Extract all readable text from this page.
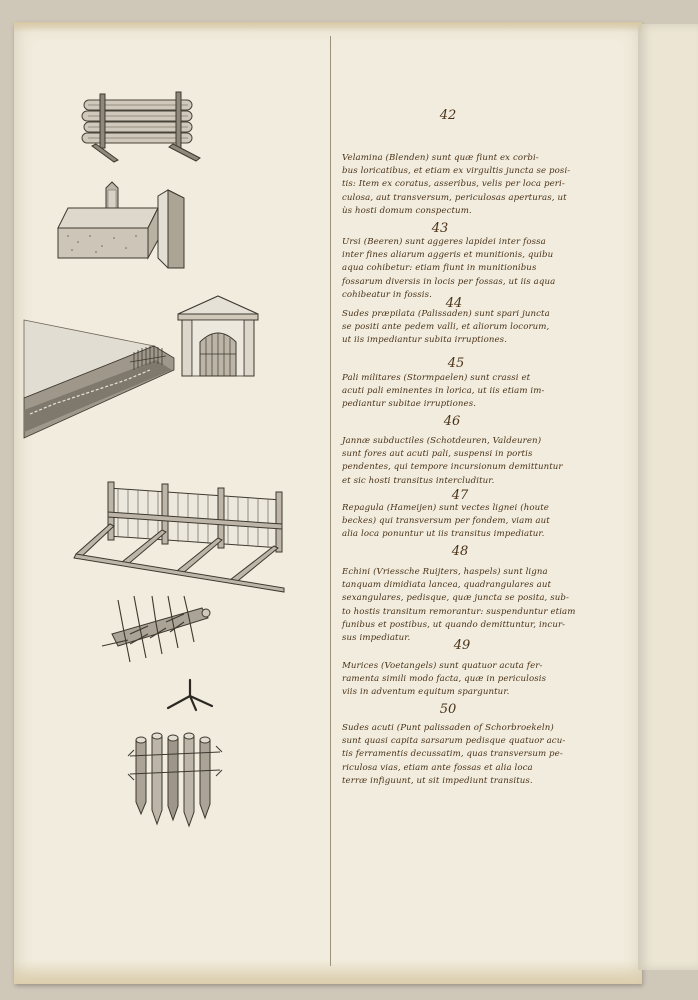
42

Velamina (Blenden) sunt quæ fiunt ex corbi-
bus loricatibus, et etiam ex virgultis juncta se posi-
tis: Item ex coratus, asseribus, velis per loca peri-
culosa, aut transversum, periculosas aperturas, ut
ùs hosti domum conspectum.

43

Ursi (Beeren) sunt aggeres lapidei inter fossa
inter fines aliarum aggeris et munitionis, quibu
aqua cohibetur: etiam fiunt in munitionibus
fossarum diversis in locis per fossas, ut iis aqua
cohibeatur in fossis.

44

Sudes præpilata (Palissaden) sunt spari juncta
se positi ante pedem valli, et aliorum locorum,
ut iis impediantur subita irruptiones.

45

Pali militares (Stormpaelen) sunt crassi et
acuti pali eminentes in lorica, ut iis etiam im-
pediantur subitae irruptiones.

46

Jannæ subductiles (Schotdeuren, Valdeuren)
sunt fores aut acuti pali, suspensi in portis
pendentes, qui tempore incursionum demittuntur
et sic hosti transitus intercluditur.

47

Repagula (Hameijen) sunt vectes lignei (houte
beckes) qui transversum per fondem, viam aut
alia loca ponuntur ut iis transitus impediatur.

48

Echini (Vriessche Ruijters, haspels) sunt ligna
tanquam dimidiata lancea, quadrangulares aut
sexangulares, pedisque, quæ juncta se posita, sub-
to hostis transitum remorantur: suspenduntur etiam
funibus et postibus, ut quando demittuntur, incur-
sus impediatur.	49

Murices (Voetangels) sunt quatuor acuta fer-
ramenta simili modo facta, quæ in periculosis
viis in adventum equitum sparguntur.

50

Sudes acuti (Punt palissaden of Schorbroekeln)
sunt quasi capita sarsarum pedisque quatuor acu-
tis ferramentis decussatim, quas transversum pe-
riculosa vias, etiam ante fossas et alia loca
terræ infiguunt, ut sit impediunt transitus.
